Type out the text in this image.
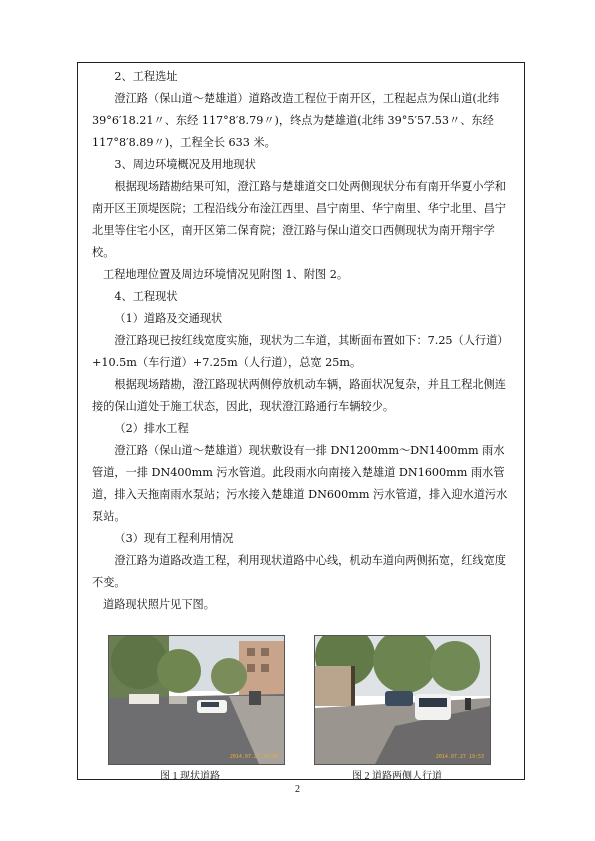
2、工程选址

澄江路（保山道～楚雄道）道路改造工程位于南开区，工程起点为保山道(北纬 39°6′18.21〃、东经 117°8′8.79〃)，终点为楚雄道(北纬 39°5′57.53〃、东经 117°8′8.89〃)，工程全长 633 米。

3、周边环境概况及用地现状

根据现场踏勘结果可知，澄江路与楚雄道交口处两侧现状分布有南开华夏小学和南开区王顶堤医院；工程沿线分布淦江西里、昌宁南里、华宁南里、华宁北里、昌宁北里等住宅小区，南开区第二保育院；澄江路与保山道交口西侧现状为南开翔宇学校。

工程地理位置及周边环境情况见附图 1、附图 2。

4、工程现状

（1）道路及交通现状

澄江路现已按红线宽度实施，现状为二车道，其断面布置如下：7.25（人行道）+10.5m（车行道）+7.25m（人行道），总宽 25m。

根据现场踏勘，澄江路现状两侧停放机动车辆，路面状况复杂，并且工程北侧连接的保山道处于施工状态，因此，现状澄江路通行车辆较少。

（2）排水工程

澄江路（保山道～楚雄道）现状敷设有一排 DN1200mm～DN1400mm 雨水管道，一排 DN400mm 污水管道。此段雨水向南接入楚雄道 DN1600mm 雨水管道，排入天拖南雨水泵站；污水接入楚雄道 DN600mm 污水管道，排入迎水道污水泵站。

（3）现有工程利用情况

澄江路为道路改造工程，利用现状道路中心线，机动车道向两侧拓宽，红线宽度不变。

道路现状照片见下图。

2014.07.27 19:55	2014.07.27 19:53
图 1 现状道路	图 2 道路两侧人行道
2
